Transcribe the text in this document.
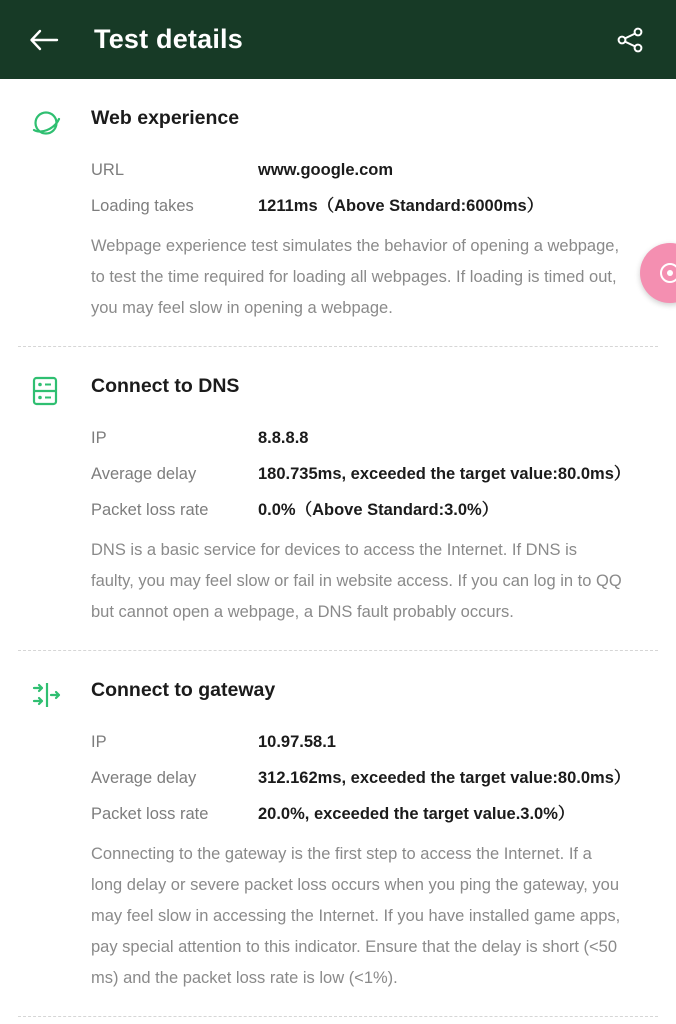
Test details
Web experience
URL	www.google.com
Loading takes	1211ms（Above Standard:6000ms）
Webpage experience test simulates the behavior of opening a webpage, to test the time required for loading all webpages. If loading is timed out, you may feel slow in opening a webpage.
Connect to DNS
IP	8.8.8.8
Average delay	180.735ms, exceeded the target value:80.0ms）
Packet loss rate	0.0%（Above Standard:3.0%）
DNS is a basic service for devices to access the Internet. If DNS is faulty, you may feel slow or fail in website access. If you can log in to QQ but cannot open a webpage, a DNS fault probably occurs.
Connect to gateway
IP	10.97.58.1
Average delay	312.162ms, exceeded the target value:80.0ms）
Packet loss rate	20.0%, exceeded the target value.3.0%）
Connecting to the gateway is the first step to access the Internet. If a long delay or severe packet loss occurs when you ping the gateway, you may feel slow in accessing the Internet. If you have installed game apps, pay special attention to this indicator. Ensure that the delay is short (<50 ms) and the packet loss rate is low (<1%).
